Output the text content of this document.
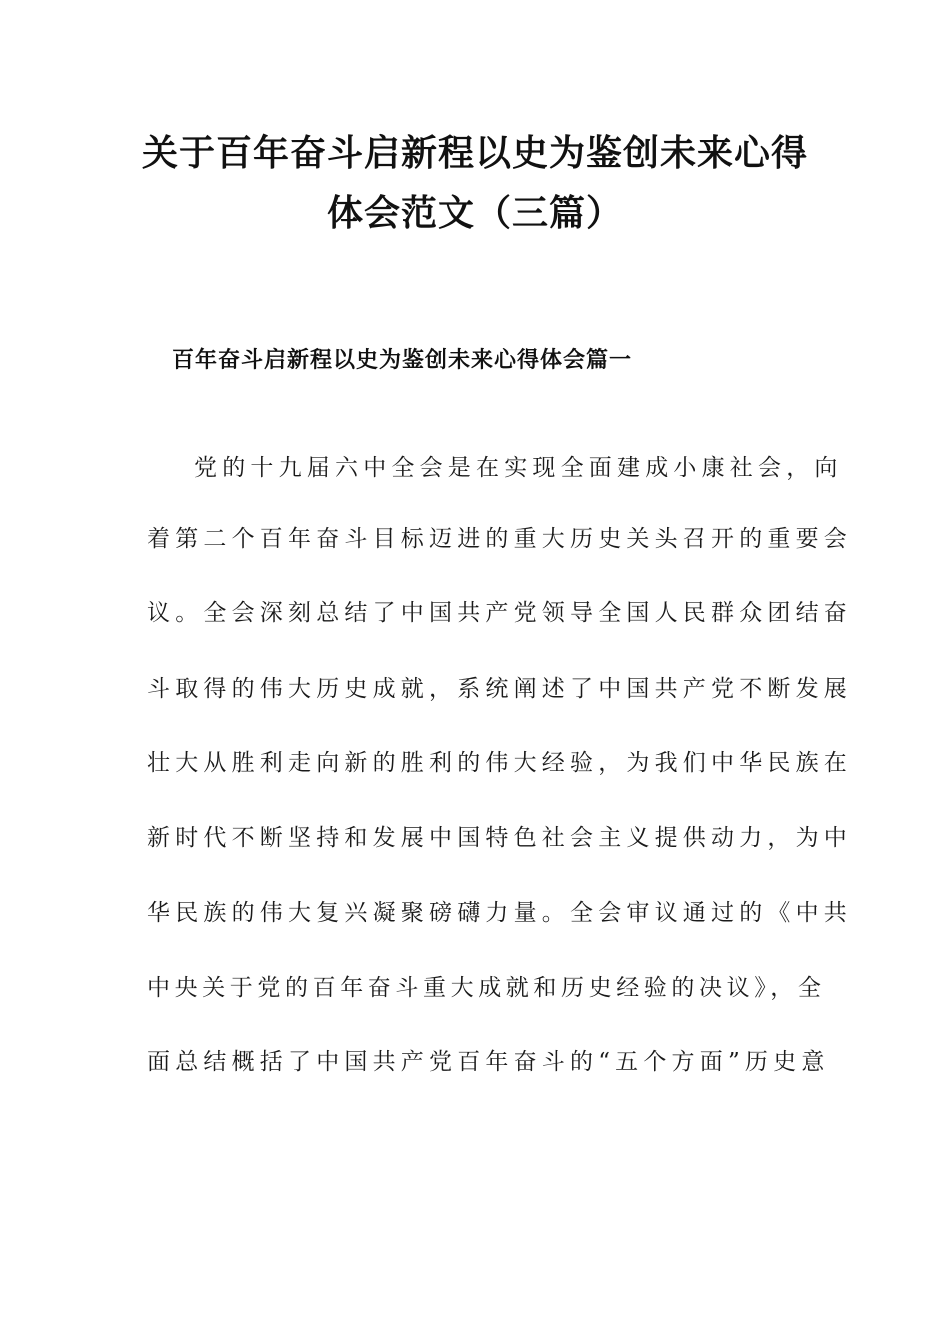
关于百年奋斗启新程以史为鉴创未来心得
体会范文（三篇）
百年奋斗启新程以史为鉴创未来心得体会篇一
党的十九届六中全会是在实现全面建成小康社会，向
着第二个百年奋斗目标迈进的重大历史关头召开的重要会
议。全会深刻总结了中国共产党领导全国人民群众团结奋
斗取得的伟大历史成就，系统阐述了中国共产党不断发展
壮大从胜利走向新的胜利的伟大经验，为我们中华民族在
新时代不断坚持和发展中国特色社会主义提供动力，为中
华民族的伟大复兴凝聚磅礴力量。全会审议通过的《中共
中央关于党的百年奋斗重大成就和历史经验的决议》，全
面总结概括了中国共产党百年奋斗的“五个方面”历史意
